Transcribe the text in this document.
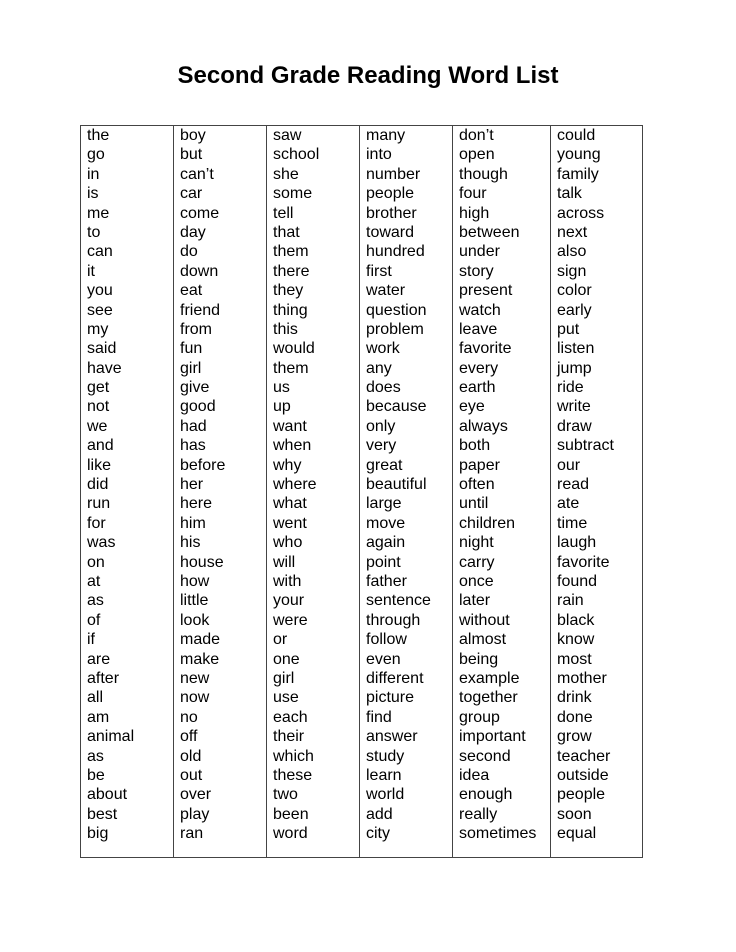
Second Grade Reading Word List
the
go
in
is
me
to
can
it
you
see
my
said
have
get
not
we
and
like
did
run
for
was
on
at
as
of
if
are
after
all
am
animal
as
be
about
best
big
boy
but
can’t
car
come
day
do
down
eat
friend
from
fun
girl
give
good
had
has
before
her
here
him
his
house
how
little
look
made
make
new
now
no
off
old
out
over
play
ran
saw
school
she
some
tell
that
them
there
they
thing
this
would
them
us
up
want
when
why
where
what
went
who
will
with
your
were
or
one
girl
use
each
their
which
these
two
been
word
many
into
number
people
brother
toward
hundred
first
water
question
problem
work
any
does
because
only
very
great
beautiful
large
move
again
point
father
sentence
through
follow
even
different
picture
find
answer
study
learn
world
add
city
don’t
open
though
four
high
between
under
story
present
watch
leave
favorite
every
earth
eye
always
both
paper
often
until
children
night
carry
once
later
without
almost
being
example
together
group
important
second
idea
enough
really
sometimes
could
young
family
talk
across
next
also
sign
color
early
put
listen
jump
ride
write
draw
subtract
our
read
ate
time
laugh
favorite
found
rain
black
know
most
mother
drink
done
grow
teacher
outside
people
soon
equal
